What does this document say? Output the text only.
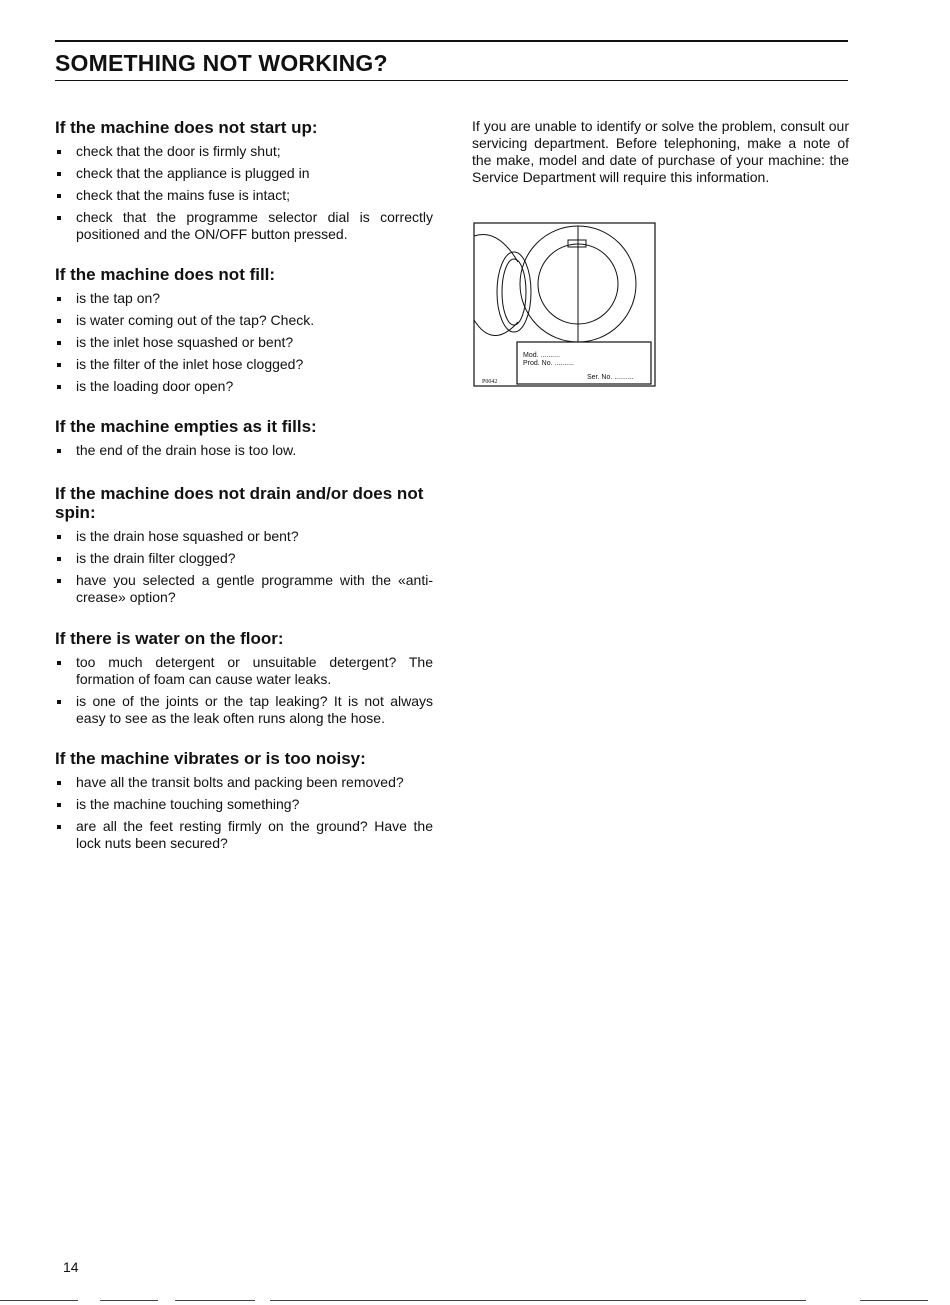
SOMETHING NOT WORKING?
If the machine does not start up:
check that the door is firmly shut;
check that the appliance is plugged in
check that the mains fuse is intact;
check that the programme selector dial is correctly positioned and the ON/OFF button pressed.
If the machine does not fill:
is the tap on?
is water coming out of the tap? Check.
is the inlet hose squashed or bent?
is the filter of the inlet hose clogged?
is the loading door open?
If the machine empties as it fills:
the end of the drain hose is too low.
If the machine does not drain and/or does not spin:
is the drain hose squashed or bent?
is the drain filter clogged?
have you selected a gentle programme with the «anti-crease» option?
If there is water on the floor:
too much detergent or unsuitable detergent? The formation of foam can cause water leaks.
is one of the joints or the tap leaking? It is not always easy to see as the leak often runs along the hose.
If the machine vibrates or is too noisy:
have all the transit bolts and packing been removed?
is the machine touching something?
are all the feet resting firmly on the ground? Have the lock nuts been secured?

If you are unable to identify or solve the problem, consult our servicing department. Before telephoning, make a note of the make, model and date of purchase of your machine: the Service Department will require this information.

Mod. ..........
Prod. No. ..........
Ser. No. ..........
P0042

14
